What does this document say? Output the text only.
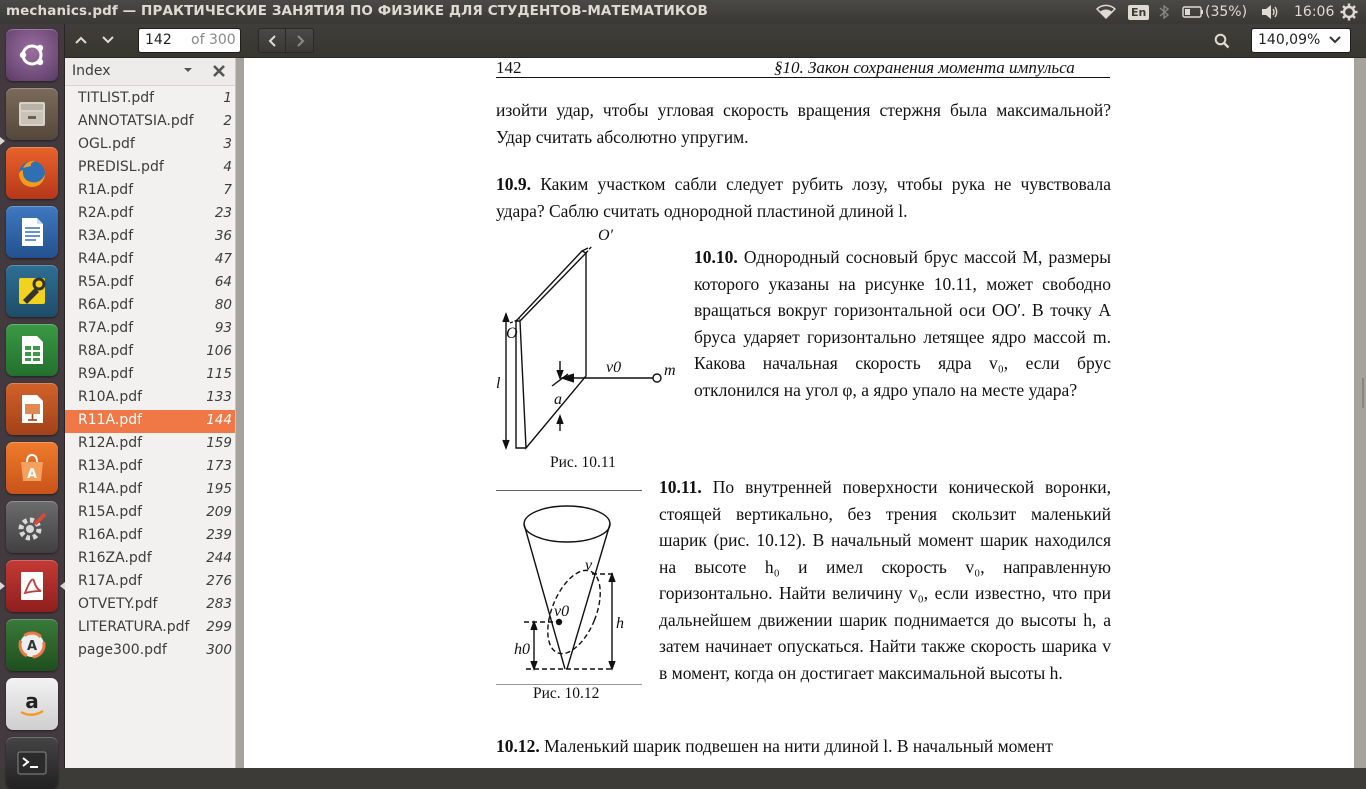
mechanics.pdf — ПРАКТИЧЕСКИЕ ЗАНЯТИЯ ПО ФИЗИКЕ ДЛЯ СТУДЕНТОВ-МАТЕМАТИКОВ	En	(35%)	16:06
A
A
a
142	of 300	140,09%
Index
TITLIST.pdf	1
ANNOTATSIA.pdf 2
OGL.pdf	3
PREDISL.pdf	4
R1A.pdf	7
R2A.pdf	23
R3A.pdf	36
R4A.pdf	47
R5A.pdf	64
R6A.pdf	80
R7A.pdf	93
R8A.pdf	106
R9A.pdf	115
R10A.pdf	133
R11A.pdf	144
R12A.pdf	159
R13A.pdf	173
R14A.pdf	195
R15A.pdf	209
R16A.pdf	239
R16ZA.pdf	244
R17A.pdf	276
OTVETY.pdf	283
LITERATURA.pdf 299
page300.pdf	300
142	§10. Закон сохранения момента импульса
изойти удар, чтобы угловая скорость вращения стержня была максимальной? Удар считать абсолютно упругим.
10.9. Каким участком сабли следует рубить лозу, чтобы рука не чувствовала удара? Саблю считать однородной пластиной длиной l.
O′
O
l
v0	m
a
Рис. 10.11
10.10. Однородный сосновый брус массой M, размеры которого указаны на рисунке 10.11, может свободно вращаться вокруг горизонтальной оси OO′. В точку A бруса ударяет горизонтально летящее ядро массой m. Какова начальная скорость ядра v₀, если брус отклонился на угол φ, а ядро упало на месте удара?
v
v0
h
h0
Рис. 10.12
10.11. По внутренней поверхности конической воронки, стоящей вертикально, без трения скользит маленький шарик (рис. 10.12). В начальный момент шарик находился на высоте h₀ и имел скорость v₀, направленную горизонтально. Найти величину v₀, если известно, что при дальнейшем движении шарик поднимается до высоты h, а затем начинает опускаться. Найти также скорость шарика v в момент, когда он достигает максимальной высоты h.
10.12. Маленький шарик подвешен на нити длиной l. В начальный момент
